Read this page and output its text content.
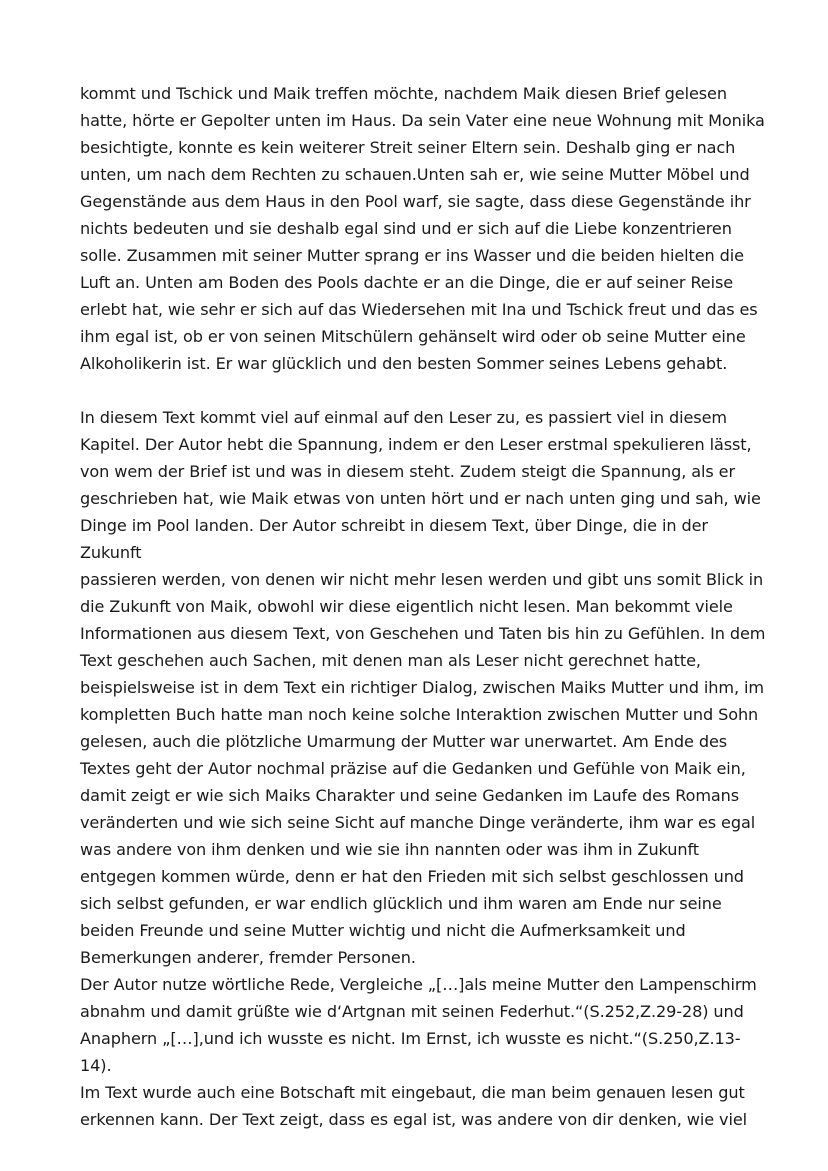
kommt und Tschick und Maik treffen möchte, nachdem Maik diesen Brief gelesen
hatte, hörte er Gepolter unten im Haus. Da sein Vater eine neue Wohnung mit Monika
besichtigte, konnte es kein weiterer Streit seiner Eltern sein. Deshalb ging er nach
unten, um nach dem Rechten zu schauen.Unten sah er, wie seine Mutter Möbel und
Gegenstände aus dem Haus in den Pool warf, sie sagte, dass diese Gegenstände ihr
nichts bedeuten und sie deshalb egal sind und er sich auf die Liebe konzentrieren
solle. Zusammen mit seiner Mutter sprang er ins Wasser und die beiden hielten die
Luft an. Unten am Boden des Pools dachte er an die Dinge, die er auf seiner Reise
erlebt hat, wie sehr er sich auf das Wiedersehen mit Ina und Tschick freut und das es
ihm egal ist, ob er von seinen Mitschülern gehänselt wird oder ob seine Mutter eine
Alkoholikerin ist. Er war glücklich und den besten Sommer seines Lebens gehabt.

In diesem Text kommt viel auf einmal auf den Leser zu, es passiert viel in diesem
Kapitel. Der Autor hebt die Spannung, indem er den Leser erstmal spekulieren lässt,
von wem der Brief ist und was in diesem steht. Zudem steigt die Spannung, als er
geschrieben hat, wie Maik etwas von unten hört und er nach unten ging und sah, wie
Dinge im Pool landen. Der Autor schreibt in diesem Text, über Dinge, die in der Zukunft
passieren werden, von denen wir nicht mehr lesen werden und gibt uns somit Blick in
die Zukunft von Maik, obwohl wir diese eigentlich nicht lesen. Man bekommt viele
Informationen aus diesem Text, von Geschehen und Taten bis hin zu Gefühlen. In dem
Text geschehen auch Sachen, mit denen man als Leser nicht gerechnet hatte,
beispielsweise ist in dem Text ein richtiger Dialog, zwischen Maiks Mutter und ihm, im
kompletten Buch hatte man noch keine solche Interaktion zwischen Mutter und Sohn
gelesen, auch die plötzliche Umarmung der Mutter war unerwartet. Am Ende des
Textes geht der Autor nochmal präzise auf die Gedanken und Gefühle von Maik ein,
damit zeigt er wie sich Maiks Charakter und seine Gedanken im Laufe des Romans
veränderten und wie sich seine Sicht auf manche Dinge veränderte, ihm war es egal
was andere von ihm denken und wie sie ihn nannten oder was ihm in Zukunft
entgegen kommen würde, denn er hat den Frieden mit sich selbst geschlossen und
sich selbst gefunden, er war endlich glücklich und ihm waren am Ende nur seine
beiden Freunde und seine Mutter wichtig und nicht die Aufmerksamkeit und
Bemerkungen anderer, fremder Personen.

Der Autor nutze wörtliche Rede, Vergleiche „[…]als meine Mutter den Lampenschirm
abnahm und damit grüßte wie d‘Artgnan mit seinen Federhut.“(S.252,Z.29-28) und
Anaphern „[…],und ich wusste es nicht. Im Ernst, ich wusste es nicht.“(S.250,Z.13-14).
Im Text wurde auch eine Botschaft mit eingebaut, die man beim genauen lesen gut
erkennen kann. Der Text zeigt, dass es egal ist, was andere von dir denken, wie viel
